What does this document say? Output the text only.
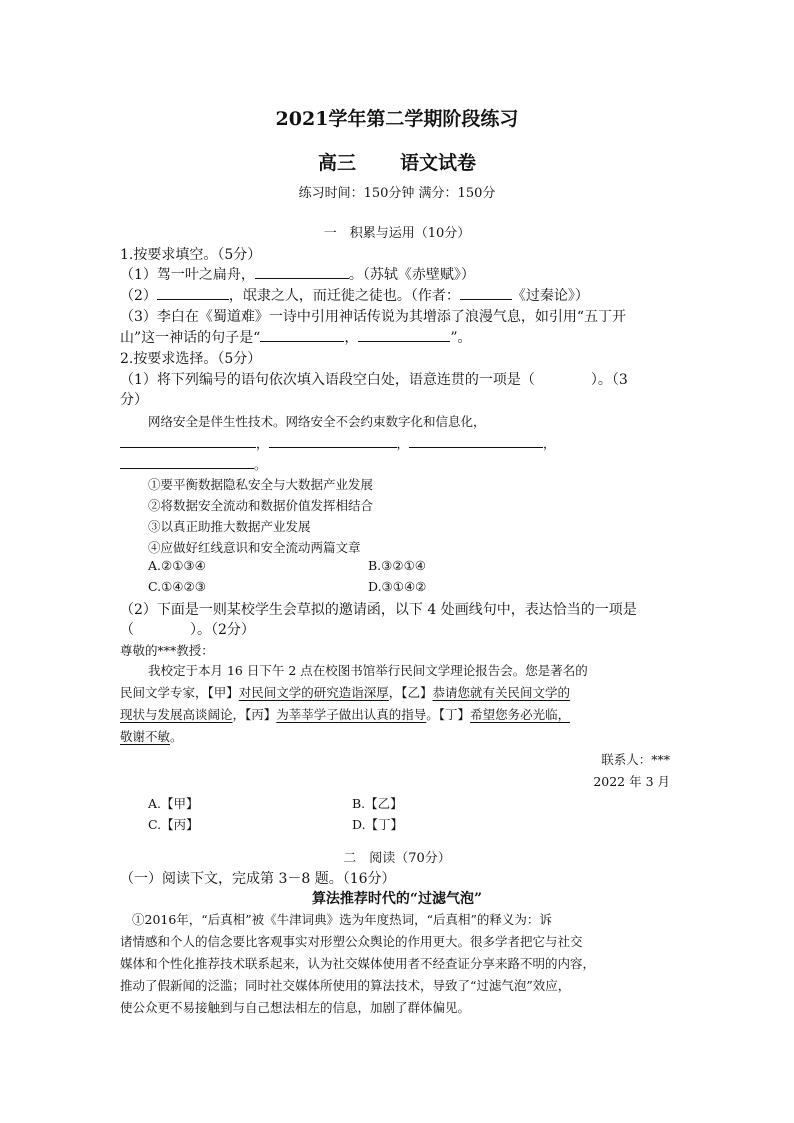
2021学年第二学期阶段练习
高三 语文试卷
练习时间：150分钟 满分：150分
一　积累与运用（10分）
1.按要求填空。（5分）
（1）驾一叶之扁舟，	。（苏轼《赤壁赋》）
（2）	，氓隶之人，而迁徙之徒也。（作者：	《过秦论》）
（3）李白在《蜀道难》一诗中引用神话传说为其增添了浪漫气息，如引用“五丁开
山”这一神话的句子是“	，	”。
2.按要求选择。（5分）
（1）将下列编号的语句依次填入语段空白处，语意连贯的一项是（　　　　）。（3
分）
网络安全是伴生性技术。网络安全不会约束数字化和信息化，
，	，	，
。
①要平衡数据隐私安全与大数据产业发展
②将数据安全流动和数据价值发挥相结合
③以真正助推大数据产业发展
④应做好红线意识和安全流动两篇文章
A.②①③④	B.③②①④
C.①④②③	D.③①④②
（2）下面是一则某校学生会草拟的邀请函，以下 4 处画线句中，表达恰当的一项是
（　　　　）。（2分）
尊敬的***教授：
我校定于本月 16 日下午 2 点在校图书馆举行民间文学理论报告会。您是著名的
民间文学专家，【甲】对民间文学的研究造诣深厚，【乙】恭请您就有关民间文学的
现状与发展高谈阔论，【丙】为莘莘学子做出认真的指导。【丁】希望您务必光临，
敬谢不敏。
联系人：***
2022 年 3 月
A.【甲】	B.【乙】
C.【丙】	D.【丁】
二　阅读（70分）
（一）阅读下文，完成第 3－8 题。（16分）
算法推荐时代的“过滤气泡”
①2016年，“后真相”被《牛津词典》选为年度热词，“后真相”的释义为：诉
诸情感和个人的信念要比客观事实对形塑公众舆论的作用更大。很多学者把它与社交
媒体和个性化推荐技术联系起来，认为社交媒体使用者不经查证分享来路不明的内容，
推动了假新闻的泛滥；同时社交媒体所使用的算法技术，导致了“过滤气泡”效应，
使公众更不易接触到与自己想法相左的信息，加剧了群体偏见。
